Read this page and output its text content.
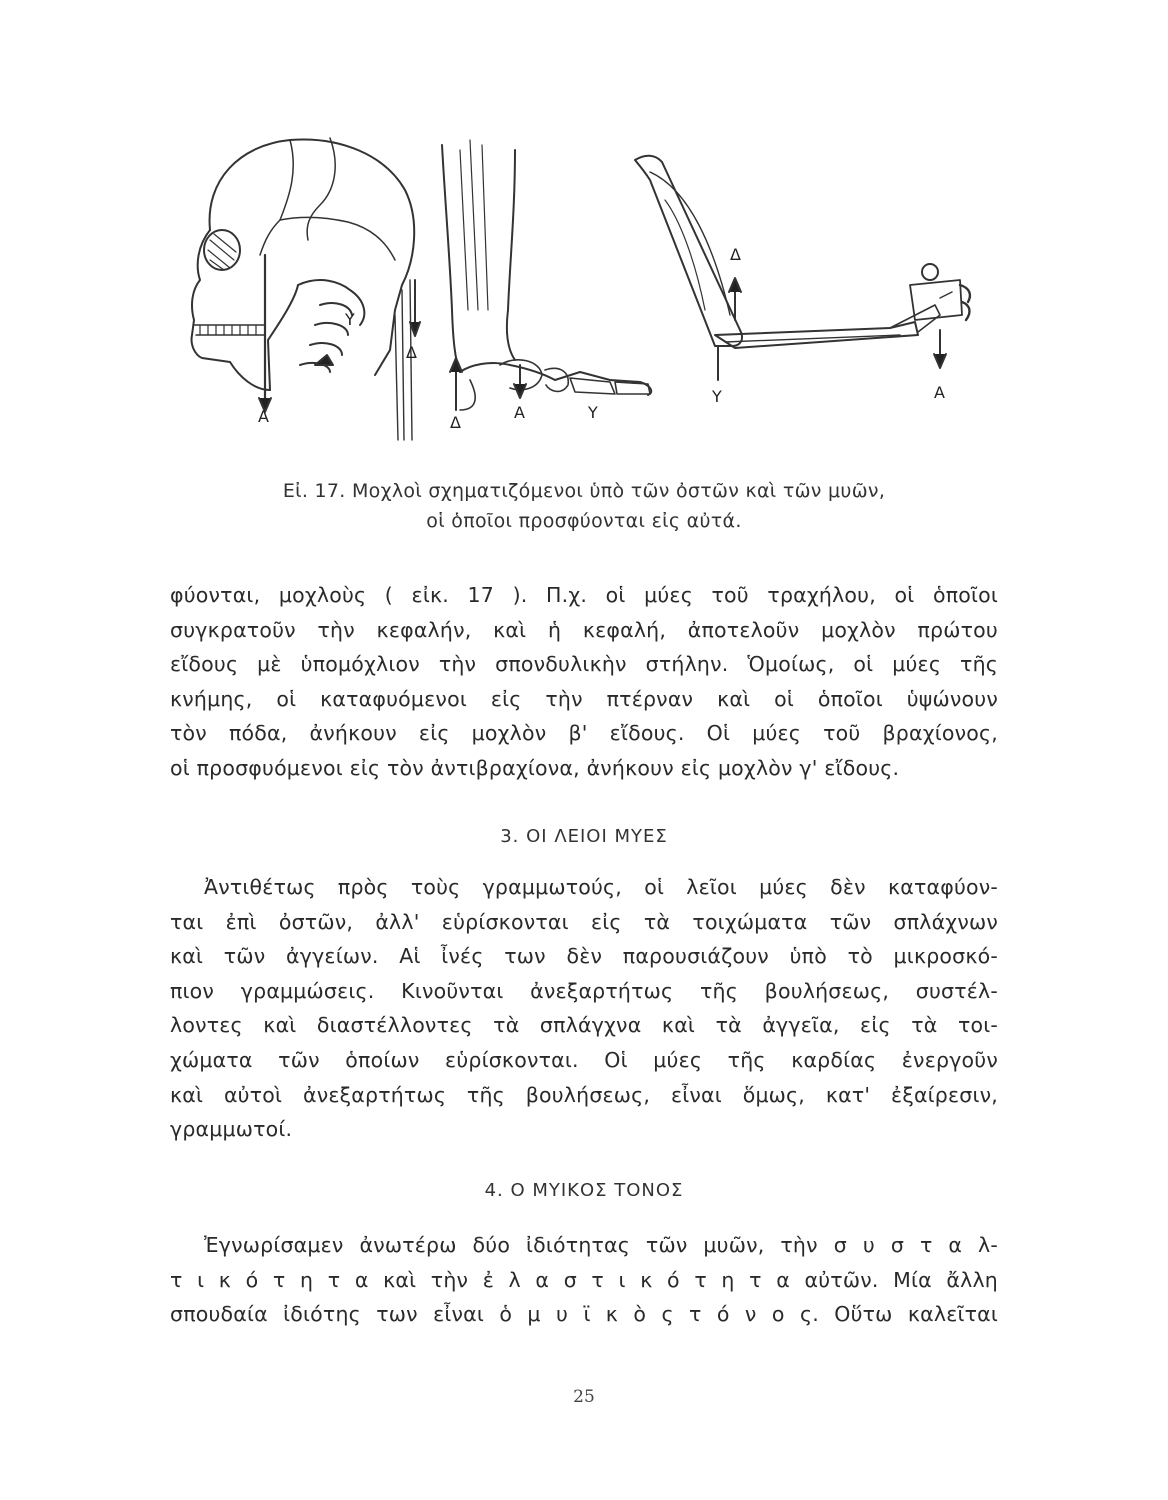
A
Y
Δ
Δ
A	Y
Δ
Y	A
Εἰ. 17. Μοχλοὶ σχηματιζόμενοι ὑπὸ τῶν ὀστῶν καὶ τῶν μυῶν,
οἱ ὁποῖοι προσφύονται εἰς αὐτά.
φύονται, μοχλοὺς ( εἰκ. 17 ). Π.χ. οἱ μύες τοῦ τραχήλου, οἱ ὁποῖοι
συγκρατοῦν τὴν κεφαλήν, καὶ ἡ κεφαλή, ἀποτελοῦν μοχλὸν πρώτου
εἴδους μὲ ὑπομόχλιον τὴν σπονδυλικὴν στήλην. Ὁμοίως, οἱ μύες τῆς
κνήμης, οἱ καταφυόμενοι εἰς τὴν πτέρναν καὶ οἱ ὁποῖοι ὑψώνουν
τὸν πόδα, ἀνήκουν εἰς μοχλὸν β' εἴδους. Οἱ μύες τοῦ βραχίονος,
οἱ προσφυόμενοι εἰς τὸν ἀντιβραχίονα, ἀνήκουν εἰς μοχλὸν γ' εἴδους.
3. ΟΙ ΛΕΙΟΙ ΜΥΕΣ
Ἀντιθέτως πρὸς τοὺς γραμμωτούς, οἱ λεῖοι μύες δὲν καταφύον-
ται ἐπὶ ὀστῶν, ἀλλ' εὑρίσκονται εἰς τὰ τοιχώματα τῶν σπλάχνων
καὶ τῶν ἀγγείων. Αἱ ἶνές των δὲν παρουσιάζουν ὑπὸ τὸ μικροσκό-
πιον γραμμώσεις. Κινοῦνται ἀνεξαρτήτως τῆς βουλήσεως, συστέλ-
λοντες καὶ διαστέλλοντες τὰ σπλάγχνα καὶ τὰ ἀγγεῖα, εἰς τὰ τοι-
χώματα τῶν ὁποίων εὑρίσκονται. Οἱ μύες τῆς καρδίας ἐνεργοῦν
καὶ αὐτοὶ ἀνεξαρτήτως τῆς βουλήσεως, εἶναι ὅμως, κατ' ἐξαίρεσιν,
γραμμωτοί.
4. Ο ΜΥΙΚΟΣ ΤΟΝΟΣ
Ἐγνωρίσαμεν ἀνωτέρω δύο ἰδιότητας τῶν μυῶν, τὴν σ υ σ τ α λ-
τ ι κ ό τ η τ α καὶ τὴν ἐ λ α σ τ ι κ ό τ η τ α αὐτῶν. Μία ἄλλη
σπουδαία ἰδιότης των εἶναι ὁ μ υ ϊ κ ὸ ς τ ό ν ο ς. Οὕτω καλεῖται
25
